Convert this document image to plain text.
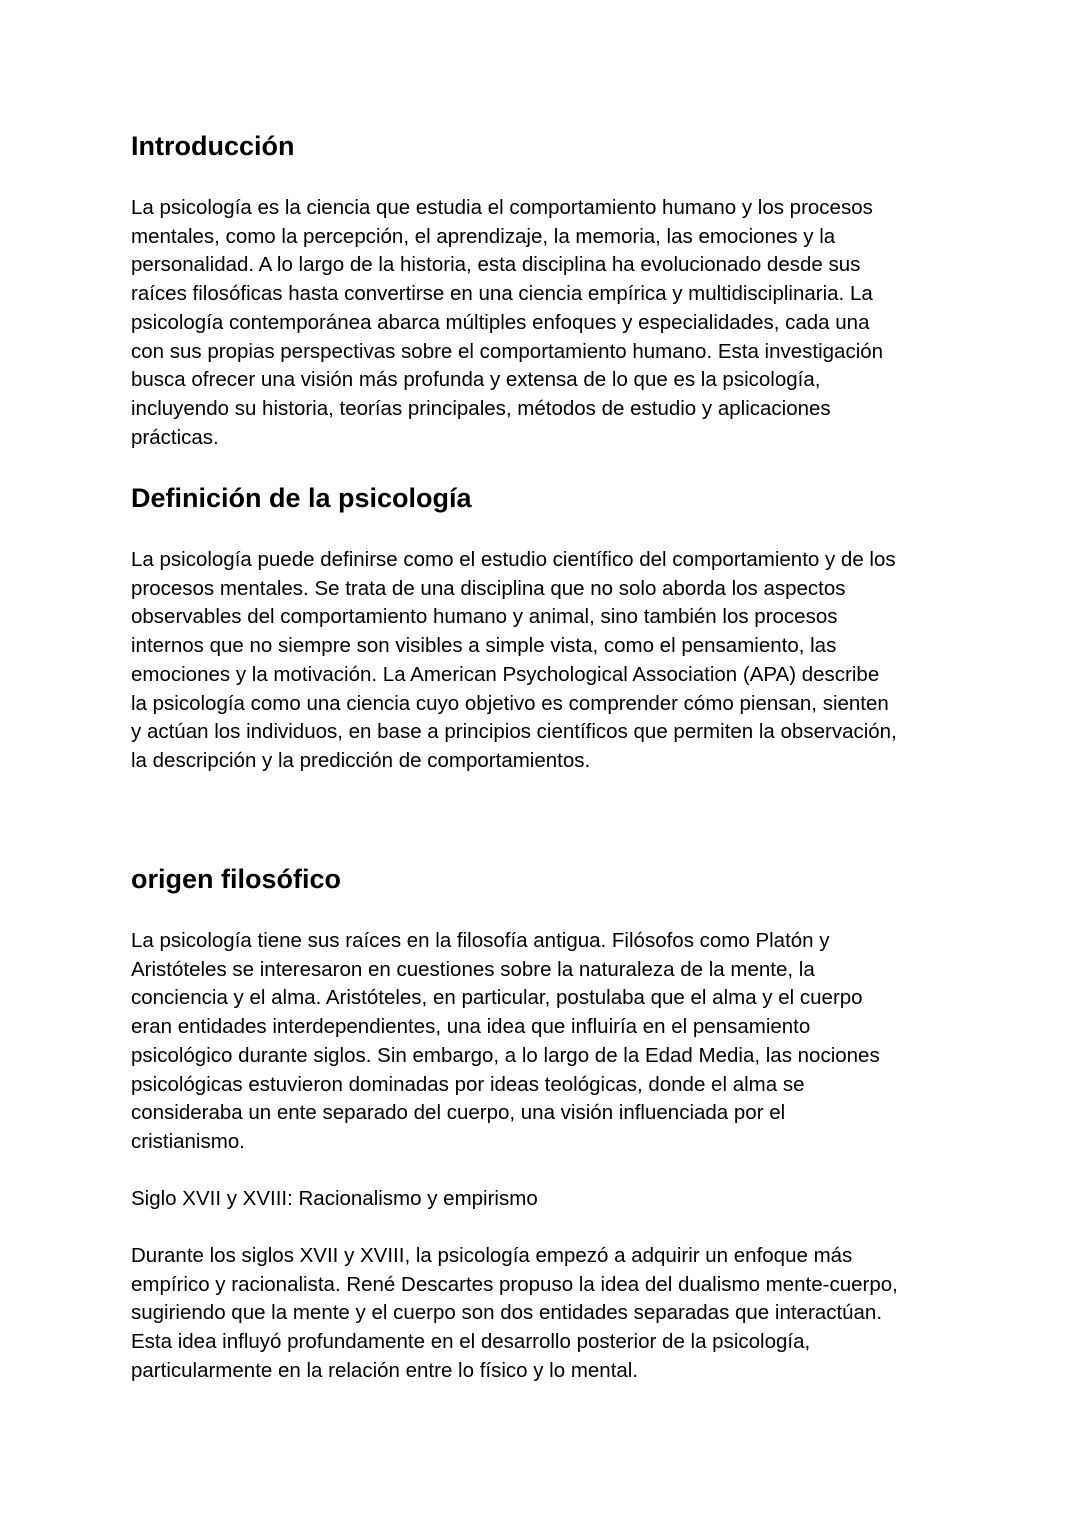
Introducción

La psicología es la ciencia que estudia el comportamiento humano y los procesos
mentales, como la percepción, el aprendizaje, la memoria, las emociones y la
personalidad. A lo largo de la historia, esta disciplina ha evolucionado desde sus
raíces filosóficas hasta convertirse en una ciencia empírica y multidisciplinaria. La
psicología contemporánea abarca múltiples enfoques y especialidades, cada una
con sus propias perspectivas sobre el comportamiento humano. Esta investigación
busca ofrecer una visión más profunda y extensa de lo que es la psicología,
incluyendo su historia, teorías principales, métodos de estudio y aplicaciones
prácticas.

Definición de la psicología

La psicología puede definirse como el estudio científico del comportamiento y de los
procesos mentales. Se trata de una disciplina que no solo aborda los aspectos
observables del comportamiento humano y animal, sino también los procesos
internos que no siempre son visibles a simple vista, como el pensamiento, las
emociones y la motivación. La American Psychological Association (APA) describe
la psicología como una ciencia cuyo objetivo es comprender cómo piensan, sienten
y actúan los individuos, en base a principios científicos que permiten la observación,
la descripción y la predicción de comportamientos.

origen filosófico

La psicología tiene sus raíces en la filosofía antigua. Filósofos como Platón y
Aristóteles se interesaron en cuestiones sobre la naturaleza de la mente, la
conciencia y el alma. Aristóteles, en particular, postulaba que el alma y el cuerpo
eran entidades interdependientes, una idea que influiría en el pensamiento
psicológico durante siglos. Sin embargo, a lo largo de la Edad Media, las nociones
psicológicas estuvieron dominadas por ideas teológicas, donde el alma se
consideraba un ente separado del cuerpo, una visión influenciada por el
cristianismo.

Siglo XVII y XVIII: Racionalismo y empirismo

Durante los siglos XVII y XVIII, la psicología empezó a adquirir un enfoque más
empírico y racionalista. René Descartes propuso la idea del dualismo mente-cuerpo,
sugiriendo que la mente y el cuerpo son dos entidades separadas que interactúan.
Esta idea influyó profundamente en el desarrollo posterior de la psicología,
particularmente en la relación entre lo físico y lo mental.
